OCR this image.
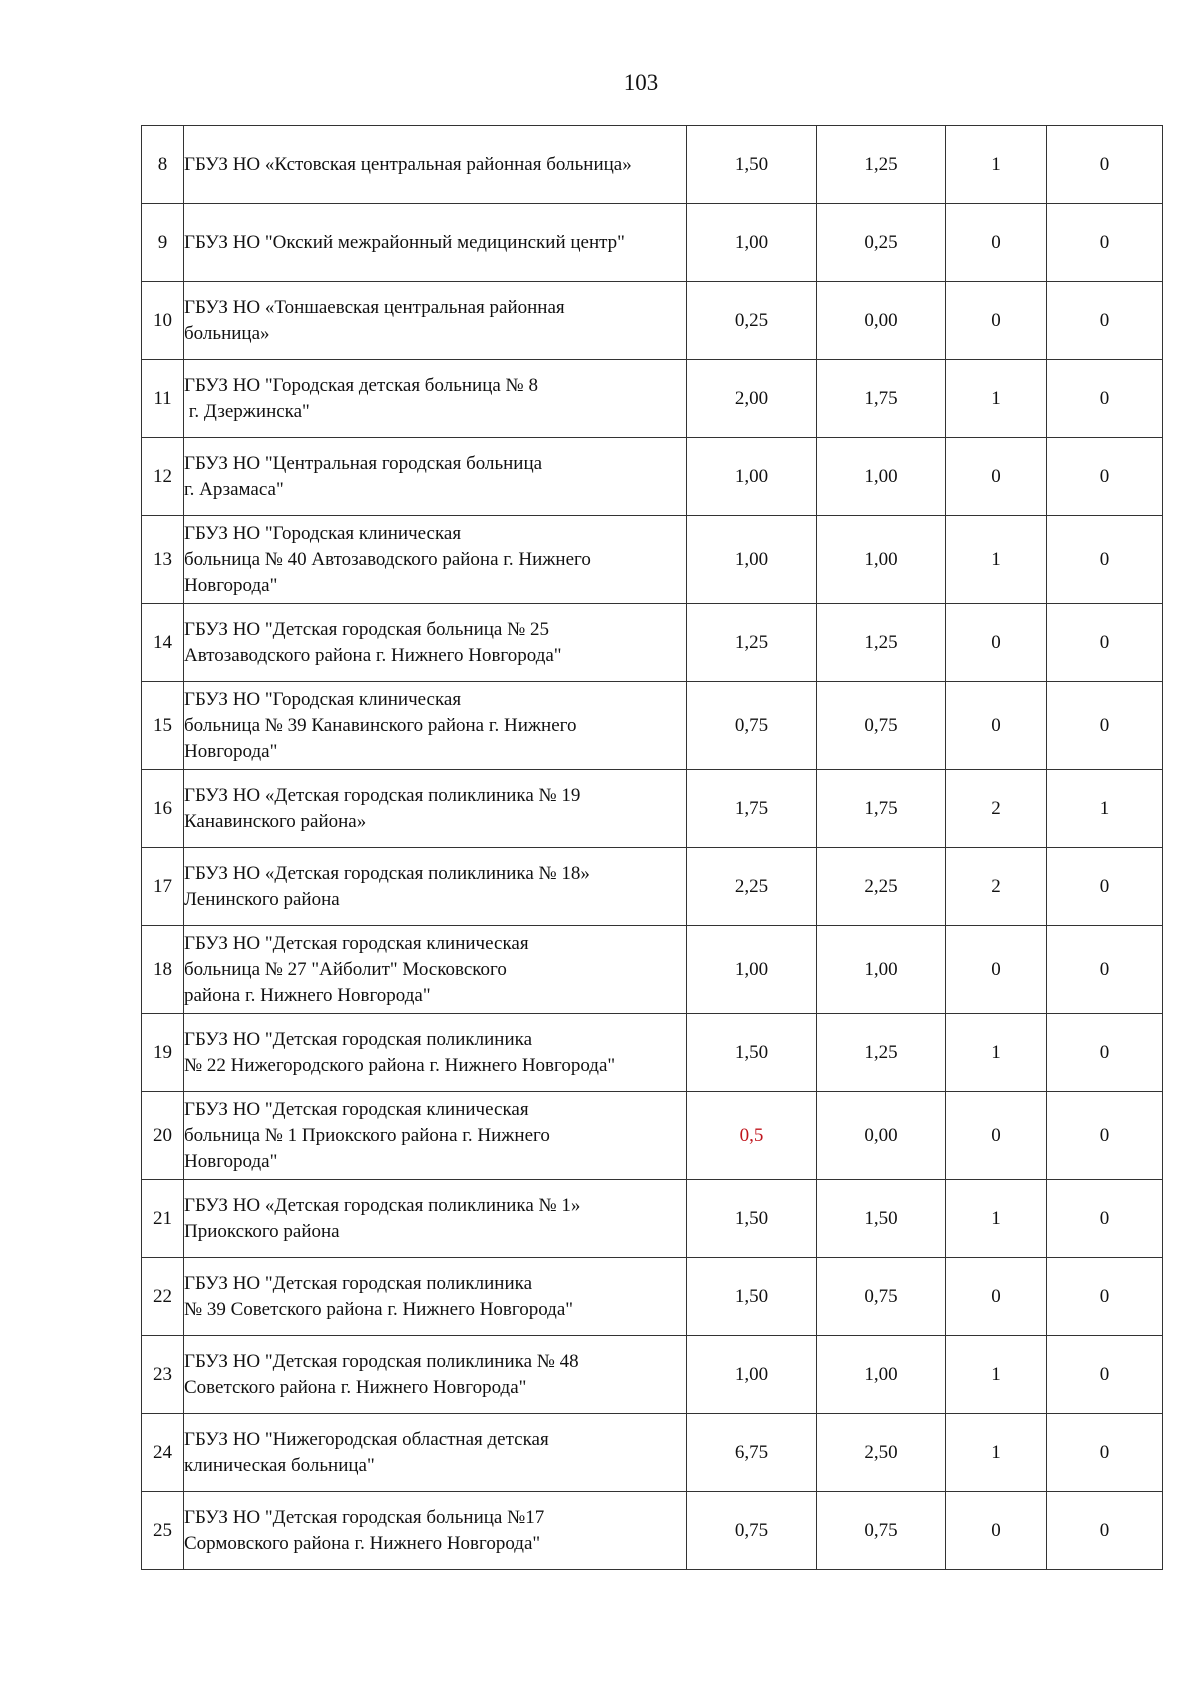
103
8	ГБУЗ НО «Кстовская центральная районная больница»	1,50	1,25	1	0
9	ГБУЗ НО "Окский межрайонный медицинский центр"	1,00	0,25	0	0
10	ГБУЗ НО «Тоншаевская центральная районная
больница»	0,25	0,00	0	0
11	ГБУЗ НО "Городская детская больница № 8
г. Дзержинска"	2,00	1,75	1	0
12	ГБУЗ НО "Центральная городская больница
г. Арзамаса"	1,00	1,00	0	0
13	ГБУЗ НО "Городская клиническая
больница № 40 Автозаводского района г. Нижнего
Новгорода"	1,00	1,00	1	0
14	ГБУЗ НО "Детская городская больница № 25
Автозаводского района г. Нижнего Новгорода"	1,25	1,25	0	0
15	ГБУЗ НО "Городская клиническая
больница № 39 Канавинского района г. Нижнего
Новгорода"	0,75	0,75	0	0
16	ГБУЗ НО «Детская городская поликлиника № 19
Канавинского района»	1,75	1,75	2	1
17	ГБУЗ НО «Детская городская поликлиника № 18»
Ленинского района	2,25	2,25	2	0
18	ГБУЗ НО "Детская городская клиническая
больница № 27 "Айболит" Московского
района г. Нижнего Новгорода"	1,00	1,00	0	0
19	ГБУЗ НО "Детская городская поликлиника
№ 22 Нижегородского района г. Нижнего Новгорода"	1,50	1,25	1	0
20	ГБУЗ НО "Детская городская клиническая
больница № 1 Приокского района г. Нижнего
Новгорода"	0,5	0,00	0	0
21	ГБУЗ НО «Детская городская поликлиника № 1»
Приокского района	1,50	1,50	1	0
22	ГБУЗ НО "Детская городская поликлиника
№ 39 Советского района г. Нижнего Новгорода"	1,50	0,75	0	0
23	ГБУЗ НО "Детская городская поликлиника № 48
Советского района г. Нижнего Новгорода"	1,00	1,00	1	0
24	ГБУЗ НО "Нижегородская областная детская
клиническая больница"	6,75	2,50	1	0
25	ГБУЗ НО "Детская городская больница №17
Сормовского района г. Нижнего Новгорода"	0,75	0,75	0	0
